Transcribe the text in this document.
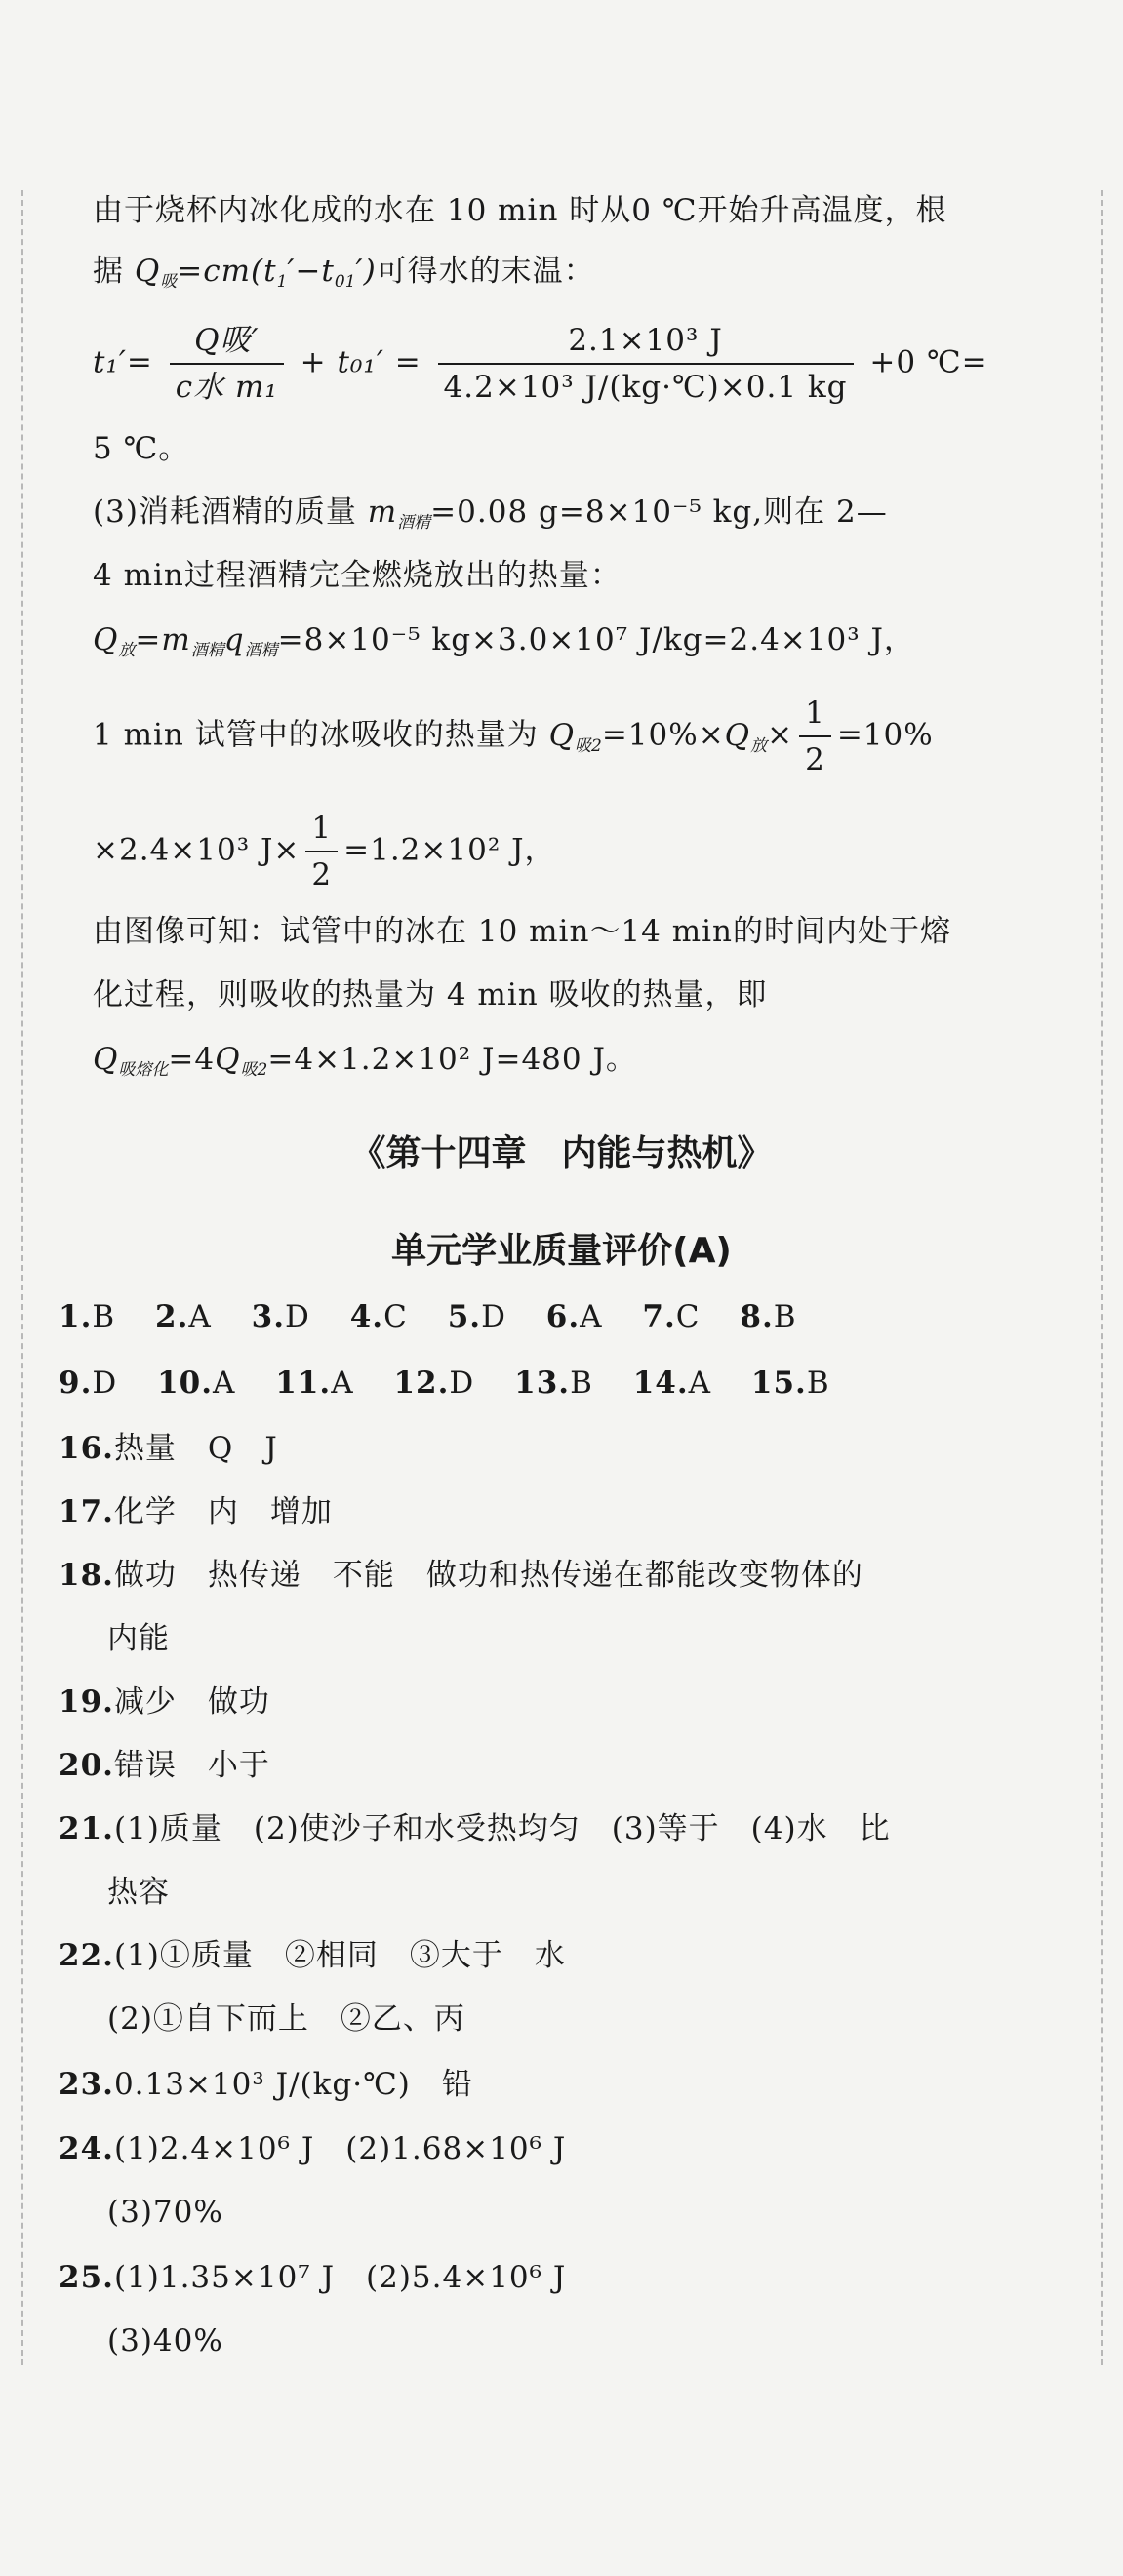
由于烧杯内冰化成的水在 10 min 时从0 ℃开始升高温度，根
据 $Q_吸=cm(t_1'-t_{01}')$可得水的末温：
$t_1'= \frac{\text{Q吸′}}{\text{c水 m₁}} + t_{01}' = \frac{\text{2.1×10³ J}}{\text{4.2×10³ J/(kg·℃)×0.1 kg}} +0$ ℃=
5 ℃。
(3)消耗酒精的质量 $m_{酒精}=0.08$ g=8×10⁻⁵ kg,则在 2—
4 min过程酒精完全燃烧放出的热量：
$Q_放=m_{酒精}q_{酒精}=8\times 10^{-5}$ kg×3.0×10⁷ J/kg=2.4×10³ J，
1 min 试管中的冰吸收的热量为 $Q_{吸2}=10\%\times Q_放\times \frac{1}{2} =10\%$
×2.4×10³ $J\times \frac{1}{2} =1.2\times 10^2$ J，
由图像可知：试管中的冰在 10 min～14 min的时间内处于熔
化过程，则吸收的热量为 4 min 吸收的热量，即
$Q_{吸熔化}=4Q_{吸2}=4\times 1.2\times 10^2$ J=480 J。
《第十四章　内能与热机》
单元学业质量评价(A)
1.B 2.A 3.D 4.C 5.D 6.A 7.C 8.B
9.D 10.A 11.A 12.D 13.B 14.A 15.B
16.热量　Q　J
17.化学　内　增加
18.做功　热传递　不能　做功和热传递在都能改变物体的
内能
19.减少　做功
20.错误　小于
21.(1)质量　(2)使沙子和水受热均匀　(3)等于　(4)水　比
热容
22.(1)①质量　②相同　③大于　水
(2)①自下而上　②乙、丙
23.0.13×10³ J/(kg·℃)　铅
24.(1)2.4×10⁶ J　(2)1.68×10⁶ J
(3)70%
25.(1)1.35×10⁷ J　(2)5.4×10⁶ J
(3)40%
